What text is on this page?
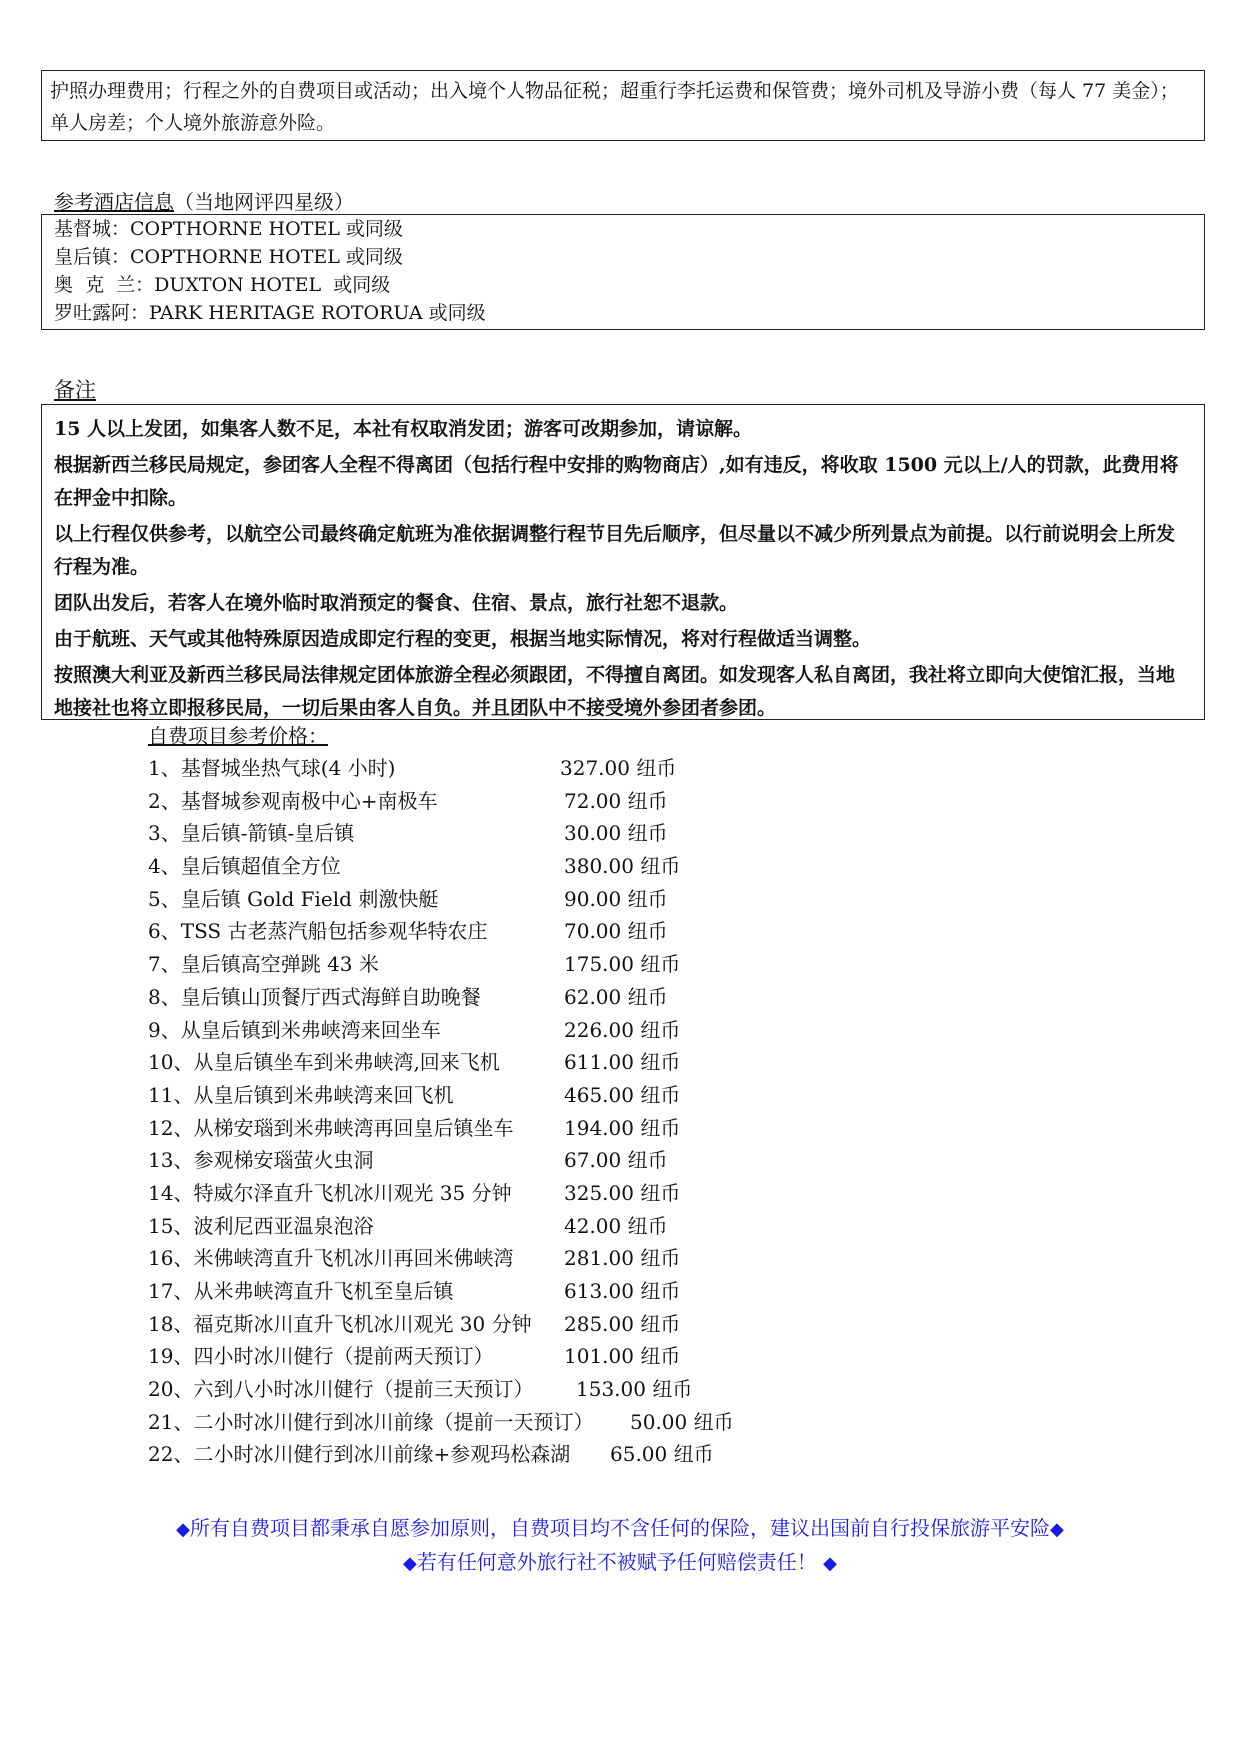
护照办理费用；行程之外的自费项目或活动；出入境个人物品征税；超重行李托运费和保管费；境外司机及导游小费（每人 77 美金）；单人房差；个人境外旅游意外险。
参考酒店信息（当地网评四星级）
基督城：COPTHORNE HOTEL 或同级
皇后镇：COPTHORNE HOTEL 或同级
奥  克  兰：DUXTON HOTEL  或同级
罗吐露阿：PARK HERITAGE ROTORUA 或同级
备注

15 人以上发团，如集客人数不足，本社有权取消发团；游客可改期参加，请谅解。

根据新西兰移民局规定，参团客人全程不得离团（包括行程中安排的购物商店）,如有违反，将收取 1500 元以上/人的罚款，此费用将在押金中扣除。

以上行程仅供参考，以航空公司最终确定航班为准依据调整行程节目先后顺序，但尽量以不减少所列景点为前提。以行前说明会上所发行程为准。

团队出发后，若客人在境外临时取消预定的餐食、住宿、景点，旅行社恕不退款。

由于航班、天气或其他特殊原因造成即定行程的变更，根据当地实际情况，将对行程做适当调整。

按照澳大利亚及新西兰移民局法律规定团体旅游全程必须跟团，不得擅自离团。如发现客人私自离团，我社将立即向大使馆汇报，当地地接社也将立即报移民局，一切后果由客人自负。并且团队中不接受境外参团者参团。

自费项目参考价格：
1、基督城坐热气球(4 小时)	327.00 纽币
2、基督城参观南极中心+南极车	72.00 纽币
3、皇后镇-箭镇-皇后镇	30.00 纽币
4、皇后镇超值全方位	380.00 纽币
5、皇后镇 Gold Field 刺激快艇	90.00 纽币
6、TSS 古老蒸汽船包括参观华特农庄	70.00 纽币
7、皇后镇高空弹跳 43 米	175.00 纽币
8、皇后镇山顶餐厅西式海鲜自助晚餐	62.00 纽币
9、从皇后镇到米弗峡湾来回坐车	226.00 纽币
10、从皇后镇坐车到米弗峡湾,回来飞机	611.00 纽币
11、从皇后镇到米弗峡湾来回飞机	465.00 纽币
12、从梯安瑙到米弗峡湾再回皇后镇坐车	194.00 纽币
13、参观梯安瑙萤火虫洞	67.00 纽币
14、特威尔泽直升飞机冰川观光 35 分钟	325.00 纽币
15、波利尼西亚温泉泡浴	42.00 纽币
16、米佛峡湾直升飞机冰川再回米佛峡湾	281.00 纽币
17、从米弗峡湾直升飞机至皇后镇	613.00 纽币
18、福克斯冰川直升飞机冰川观光 30 分钟 285.00 纽币
19、四小时冰川健行（提前两天预订）	101.00 纽币
20、六到八小时冰川健行（提前三天预订） 153.00 纽币
21、二小时冰川健行到冰川前缘（提前一天预订） 50.00 纽币
22、二小时冰川健行到冰川前缘+参观玛松森湖 65.00 纽币
◆所有自费项目都秉承自愿参加原则，自费项目均不含任何的保险，建议出国前自行投保旅游平安险◆
◆若有任何意外旅行社不被赋予任何赔偿责任！ ◆
